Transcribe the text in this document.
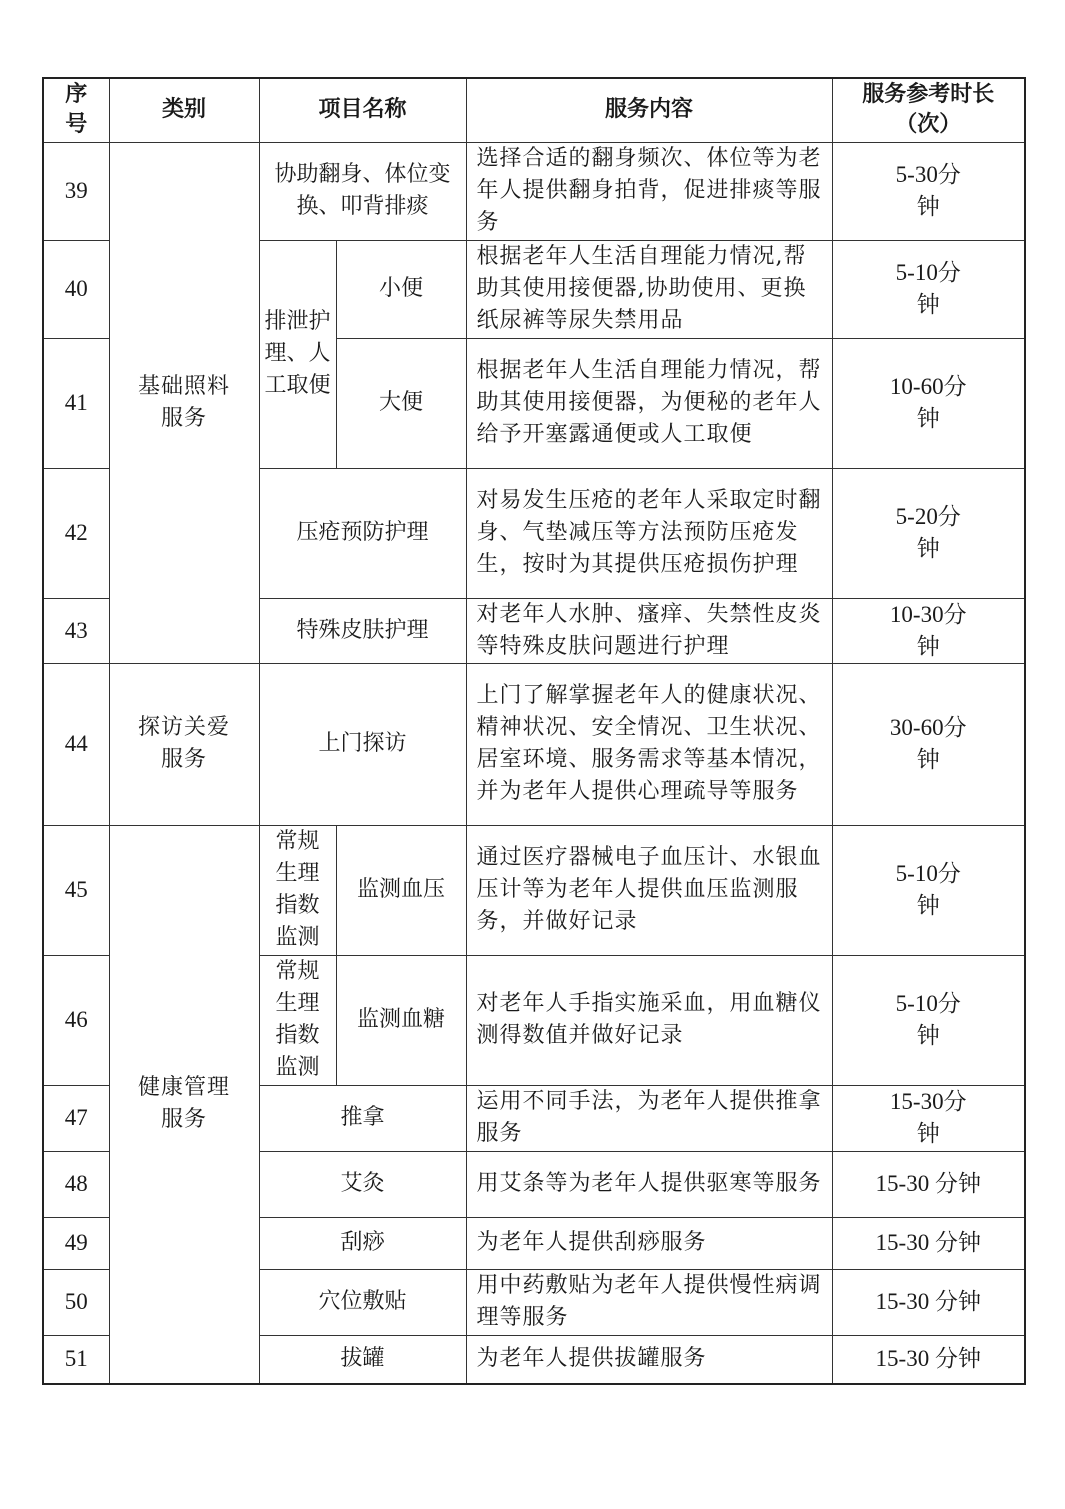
序号	类别	项目名称		服务内容	服务参考时长（次）
39	基础照料服务	协助翻身、体位变换、叩背排痰		选择合适的翻身频次、体位等为老年人提供翻身拍背，促进排痰等服务	5-30分钟
40		排泄护理、人工取便	小便	根据老年人生活自理能力情况,帮助其使用接便器,协助使用、更换纸尿裤等尿失禁用品	5-10分钟
41			大便	根据老年人生活自理能力情况，帮助其使用接便器，为便秘的老年人给予开塞露通便或人工取便	10-60分钟
42		压疮预防护理		对易发生压疮的老年人采取定时翻身、气垫减压等方法预防压疮发生，按时为其提供压疮损伤护理	5-20分钟
43		特殊皮肤护理		对老年人水肿、瘙痒、失禁性皮炎等特殊皮肤问题进行护理	10-30分钟
44	探访关爱服务	上门探访		上门了解掌握老年人的健康状况、精神状况、安全情况、卫生状况、居室环境、服务需求等基本情况，并为老年人提供心理疏导等服务	30-60分钟
45	健康管理服务	常规生理指数监测	监测血压	通过医疗器械电子血压计、水银血压计等为老年人提供血压监测服务，并做好记录	5-10分钟
46		常规生理指数监测	监测血糖	对老年人手指实施采血，用血糖仪测得数值并做好记录	5-10分钟
47		推拿		运用不同手法，为老年人提供推拿服务	15-30分钟
48		艾灸		用艾条等为老年人提供驱寒等服务	15-30 分钟
49		刮痧		为老年人提供刮痧服务	15-30 分钟
50		穴位敷贴		用中药敷贴为老年人提供慢性病调理等服务	15-30 分钟
51		拔罐		为老年人提供拔罐服务	15-30 分钟
